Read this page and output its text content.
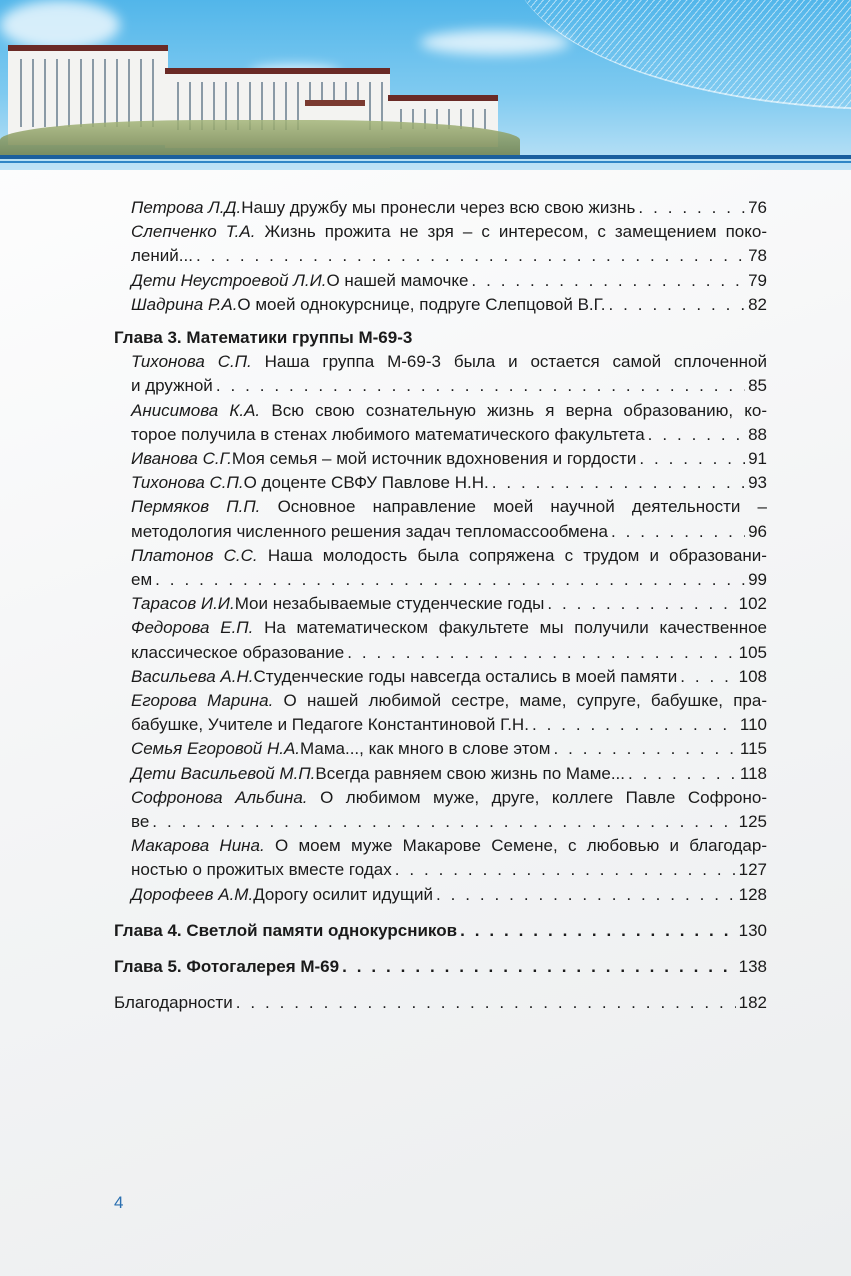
Петрова Л.Д. Нашу дружбу мы пронесли через всю свою жизнь . . .	76
Слепченко Т.А. Жизнь прожита не зря – с интересом, с замещением поко-
лений... . . .	78
Дети Неустроевой Л.И. О нашей мамочке . . .	79
Шадрина Р.А. О моей однокурснице, подруге Слепцовой В.Г. . . .	82
Глава 3. Математики группы М-69-3
Тихонова С.П. Наша группа М-69-3 была и остается самой сплоченной
и дружной . . .	85
Анисимова К.А. Всю свою сознательную жизнь я верна образованию, ко-
торое получила в стенах любимого математического факультета . . .	88
Иванова С.Г. Моя семья – мой источник вдохновения и гордости . . .	91
Тихонова С.П. О доценте СВФУ Павлове Н.Н. . . .	93
Пермяков П.П. Основное направление моей научной деятельности –
методология численного решения задач тепломассообмена . . .	96
Платонов С.С. Наша молодость была сопряжена с трудом и образовани-
ем . . .	99
Тарасов И.И. Мои незабываемые студенческие годы . . .	102
Федорова Е.П. На математическом факультете мы получили качественное
классическое образование . . .	105
Васильева А.Н. Студенческие годы навсегда остались в моей памяти . . .	108
Егорова Марина. О нашей любимой сестре, маме, супруге, бабушке, пра-
бабушке, Учителе и Педагоге Константиновой Г.Н. . . .	110
Семья Егоровой Н.А. Мама..., как много в слове этом . . .	115
Дети Васильевой М.П. Всегда равняем свою жизнь по Маме... . . .	118
Софронова Альбина. О любимом муже, друге, коллеге Павле Софроно-
ве . . .	125
Макарова Нина. О моем муже Макарове Семене, с любовью и благодар-
ностью о прожитых вместе годах . . .	127
Дорофеев А.М. Дорогу осилит идущий . . .	128
Глава 4. Светлой памяти однокурсников . . .	130
Глава 5. Фотогалерея М-69 . . .	138
Благодарности . . .	182
4
